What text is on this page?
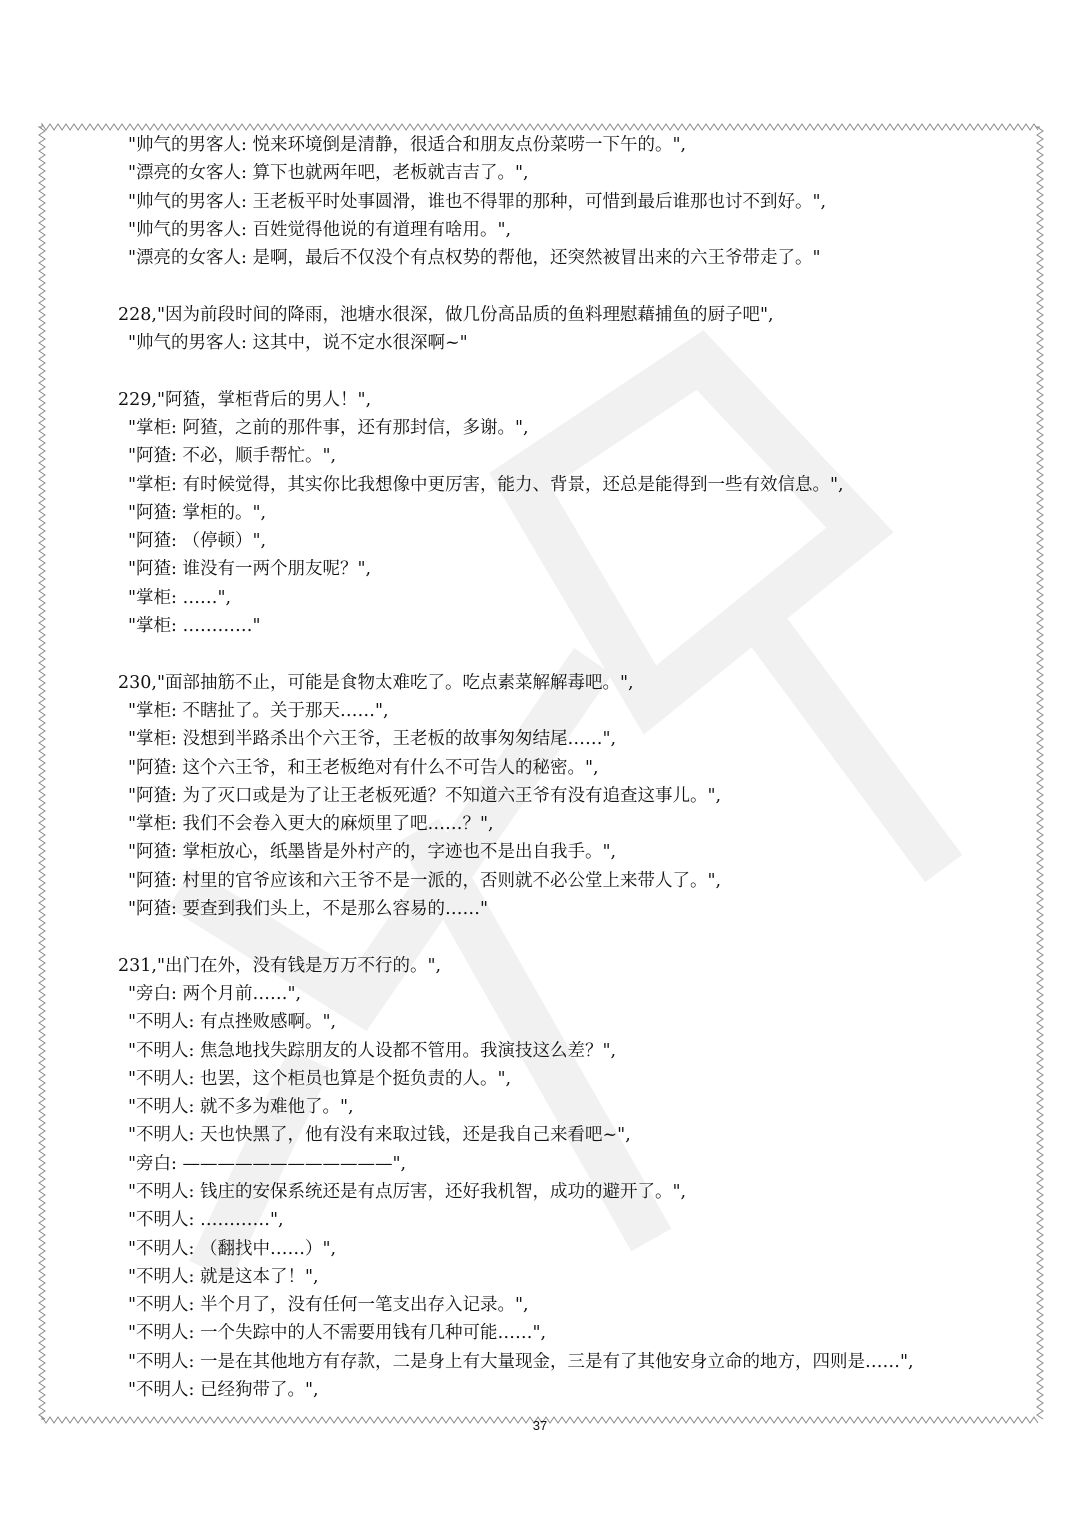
"帅气的男客人: 悦来环境倒是清静，很适合和朋友点份菜唠一下午的。",
"漂亮的女客人: 算下也就两年吧，老板就吉吉了。",
"帅气的男客人: 王老板平时处事圆滑，谁也不得罪的那种，可惜到最后谁那也讨不到好。",
"帅气的男客人: 百姓觉得他说的有道理有啥用。",
"漂亮的女客人: 是啊，最后不仅没个有点权势的帮他，还突然被冒出来的六王爷带走了。"
228,"因为前段时间的降雨，池塘水很深，做几份高品质的鱼料理慰藉捕鱼的厨子吧",
"帅气的男客人: 这其中，说不定水很深啊~"
229,"阿猹，掌柜背后的男人！",
"掌柜: 阿猹，之前的那件事，还有那封信，多谢。",
"阿猹: 不必，顺手帮忙。",
"掌柜: 有时候觉得，其实你比我想像中更厉害，能力、背景，还总是能得到一些有效信息。",
"阿猹: 掌柜的。",
"阿猹: （停顿）",
"阿猹: 谁没有一两个朋友呢？",
"掌柜: ……",
"掌柜: …………"
230,"面部抽筋不止，可能是食物太难吃了。吃点素菜解解毒吧。",
"掌柜: 不瞎扯了。关于那天……",
"掌柜: 没想到半路杀出个六王爷，王老板的故事匆匆结尾……",
"阿猹: 这个六王爷，和王老板绝对有什么不可告人的秘密。",
"阿猹: 为了灭口或是为了让王老板死遁？不知道六王爷有没有追查这事儿。",
"掌柜: 我们不会卷入更大的麻烦里了吧……？",
"阿猹: 掌柜放心，纸墨皆是外村产的，字迹也不是出自我手。",
"阿猹: 村里的官爷应该和六王爷不是一派的，否则就不必公堂上来带人了。",
"阿猹: 要查到我们头上，不是那么容易的……"
231,"出门在外，没有钱是万万不行的。",
"旁白: 两个月前……",
"不明人: 有点挫败感啊。",
"不明人: 焦急地找失踪朋友的人设都不管用。我演技这么差？",
"不明人: 也罢，这个柜员也算是个挺负责的人。",
"不明人: 就不多为难他了。",
"不明人: 天也快黑了，他有没有来取过钱，还是我自己来看吧~",
"旁白: ————————————",
"不明人: 钱庄的安保系统还是有点厉害，还好我机智，成功的避开了。",
"不明人: …………",
"不明人: （翻找中……）",
"不明人: 就是这本了！",
"不明人: 半个月了，没有任何一笔支出存入记录。",
"不明人: 一个失踪中的人不需要用钱有几种可能……",
"不明人: 一是在其他地方有存款，二是身上有大量现金，三是有了其他安身立命的地方，四则是……",
"不明人: 已经狗带了。",
37
